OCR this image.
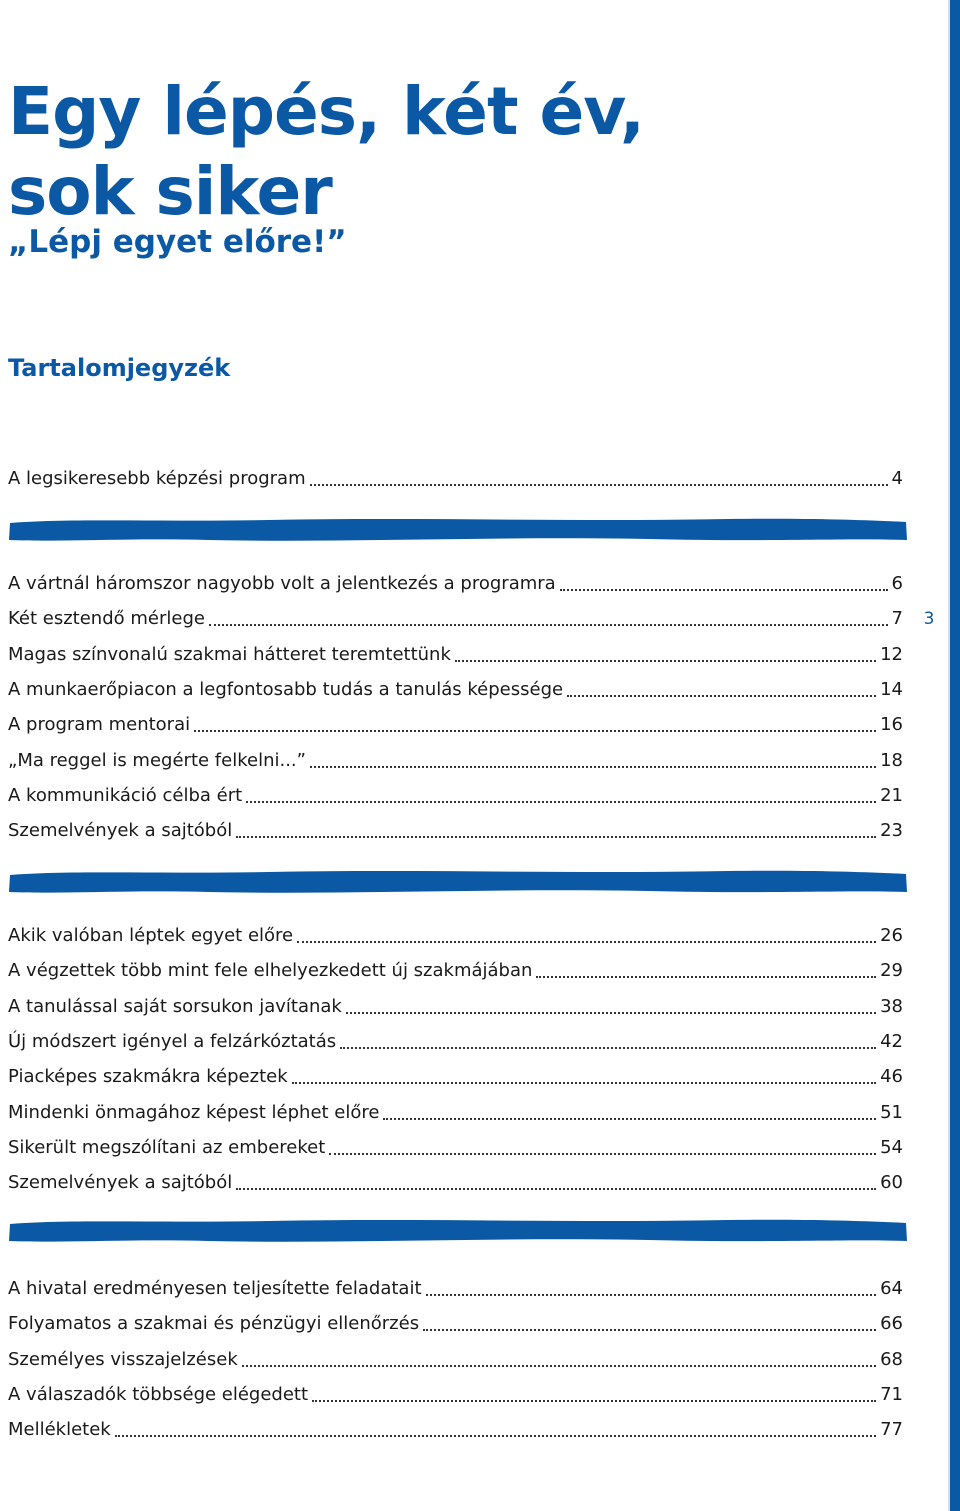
3
Egy lépés, két év,
sok siker
„Lépj egyet előre!”
Tartalomjegyzék
A legsikeresebb képzési program	4
A vártnál háromszor nagyobb volt a jelentkezés a programra	6
Két esztendő mérlege	7
Magas színvonalú szakmai hátteret teremtettünk	12
A munkaerőpiacon a legfontosabb tudás a tanulás képessége	14
A program mentorai	16
„Ma reggel is megérte felkelni...”	18
A kommunikáció célba ért	21
Szemelvények a sajtóból	23
Akik valóban léptek egyet előre	26
A végzettek több mint fele elhelyezkedett új szakmájában	29
A tanulással saját sorsukon javítanak	38
Új módszert igényel a felzárkóztatás	42
Piacképes szakmákra képeztek	46
Mindenki önmagához képest léphet előre	51
Sikerült megszólítani az embereket	54
Szemelvények a sajtóból	60
A hivatal eredményesen teljesítette feladatait	64
Folyamatos a szakmai és pénzügyi ellenőrzés	66
Személyes visszajelzések	68
A válaszadók többsége elégedett	71
Mellékletek	77
